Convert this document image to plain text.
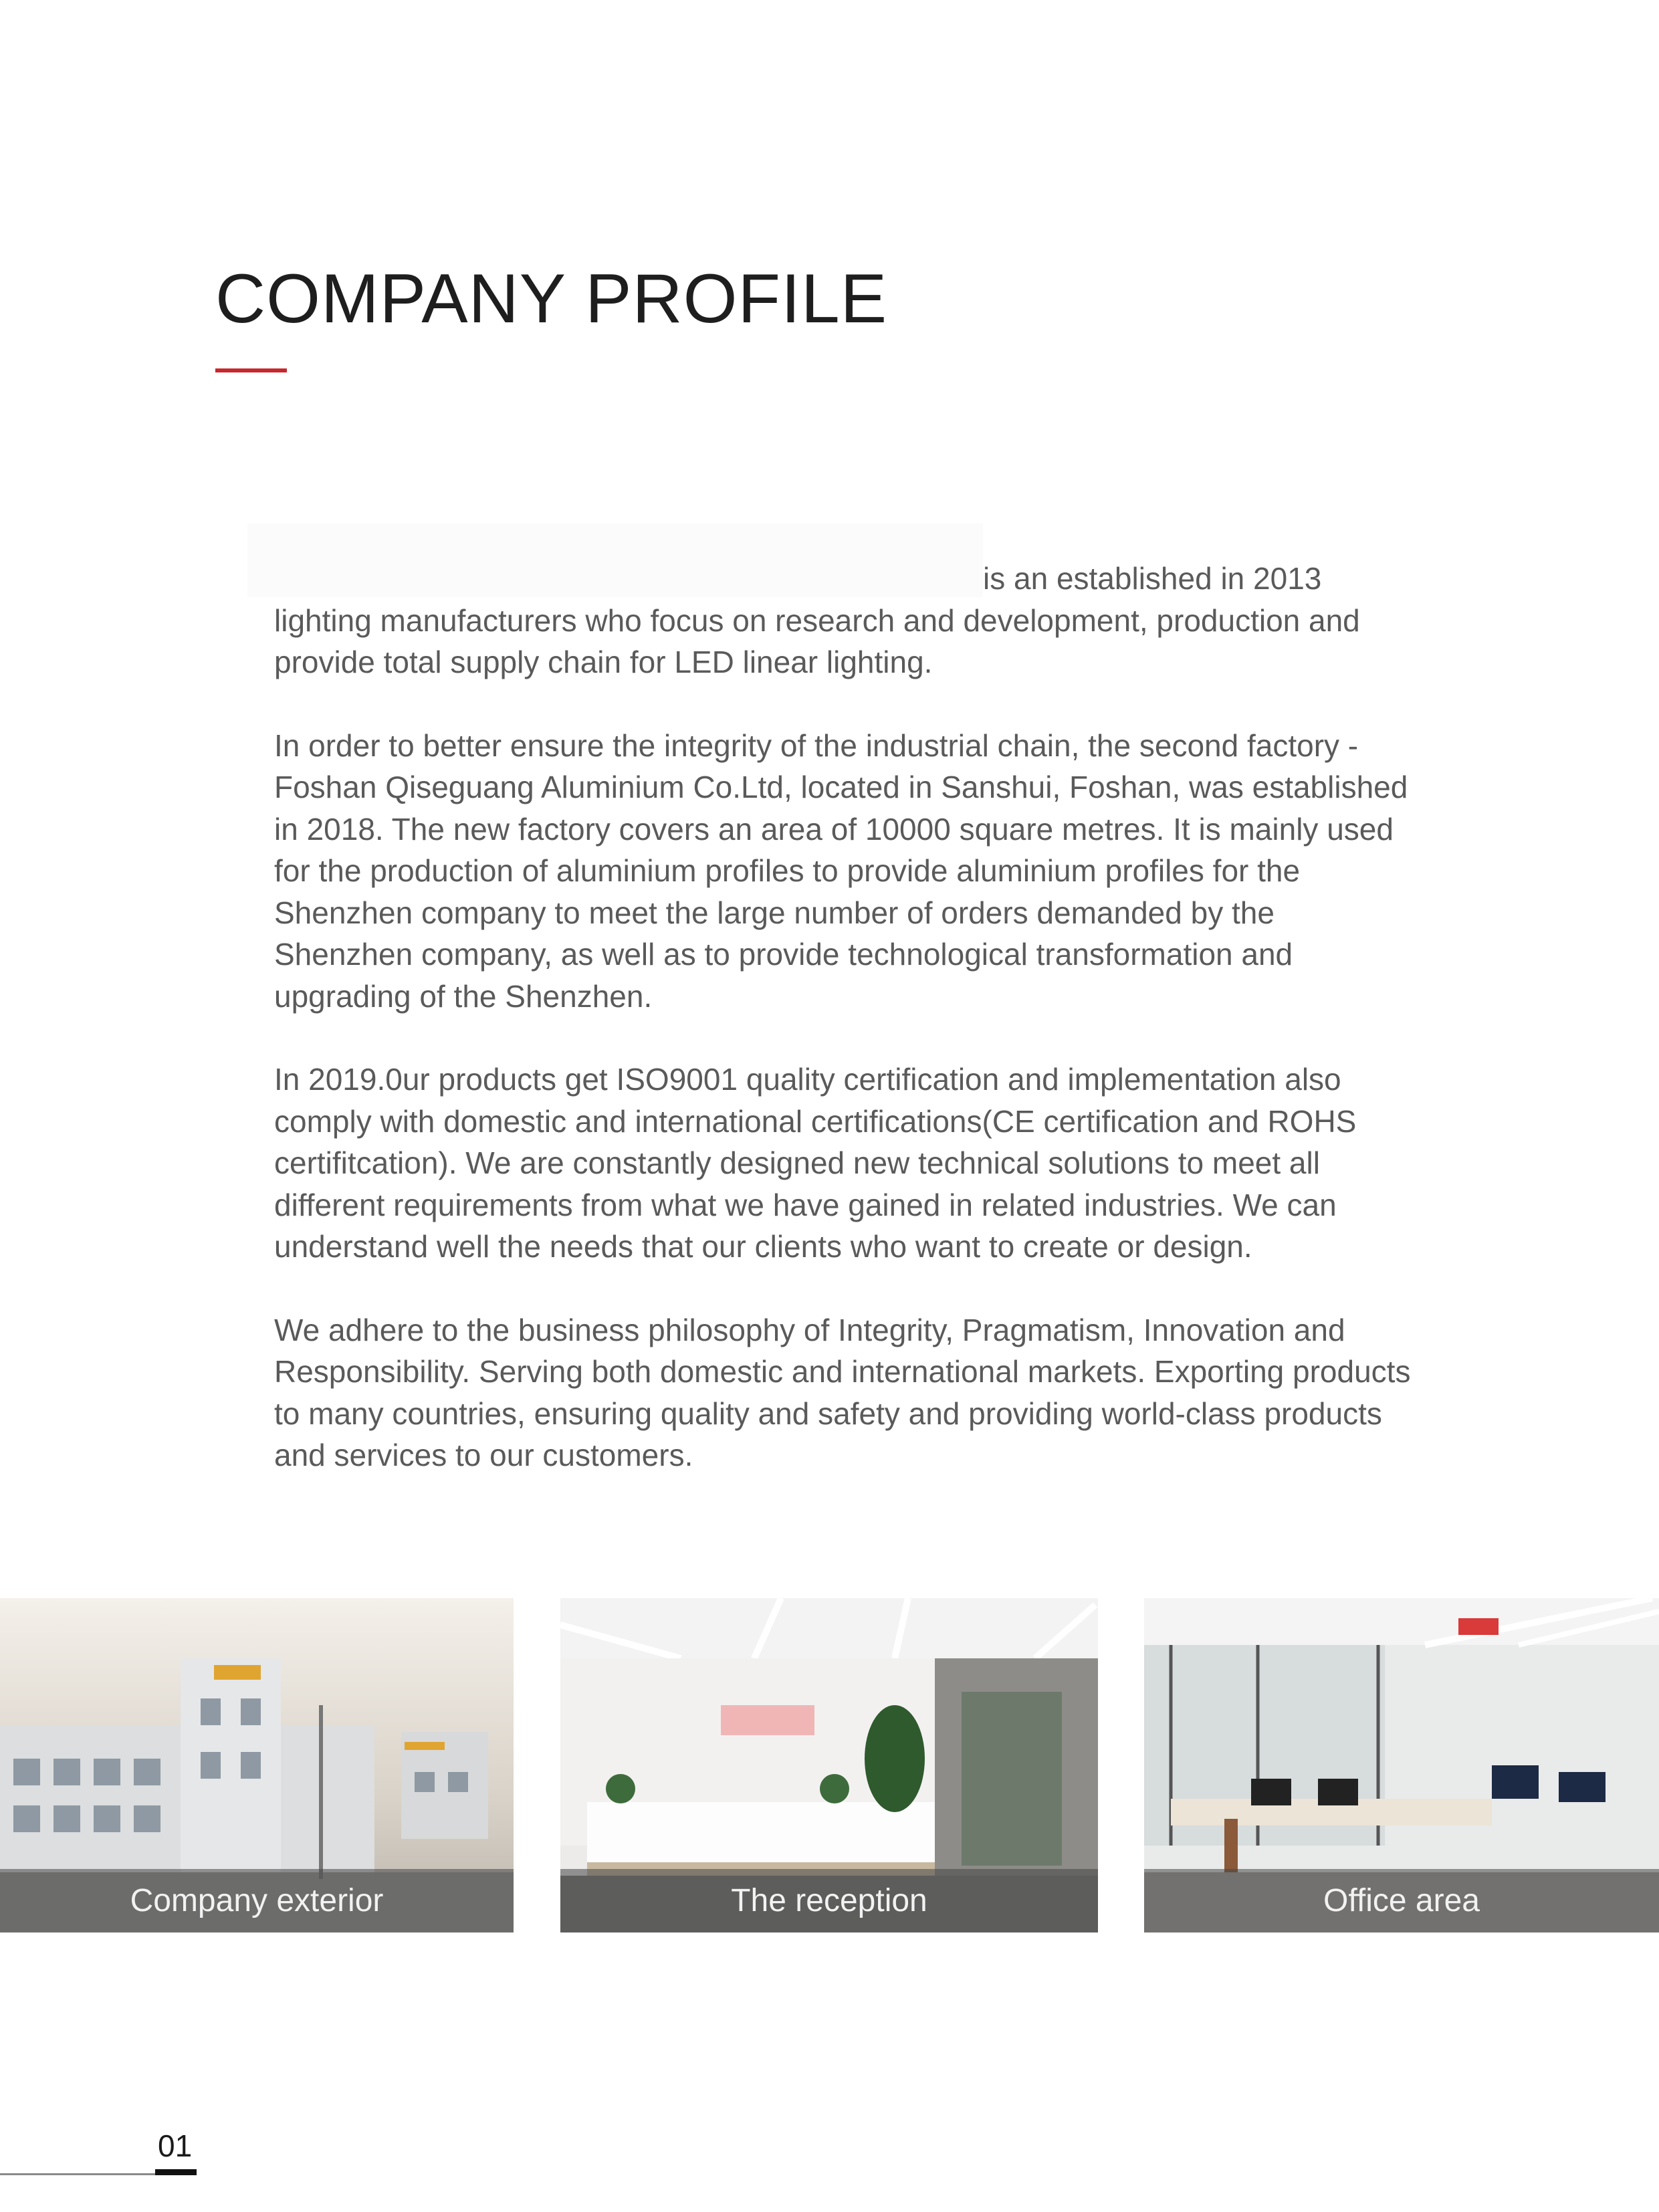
COMPANY PROFILE

is an established in 2013 lighting manufacturers who focus on research and development, production and provide total supply chain for LED linear lighting.

In order to better ensure the integrity of the industrial chain, the second factory - Foshan Qiseguang Aluminium Co.Ltd, located in Sanshui, Foshan, was established in 2018. The new factory covers an area of 10000 square metres. It is mainly used for the production of aluminium profiles to provide aluminium profiles for the Shenzhen company to meet the large number of orders demanded by the Shenzhen company, as well as to provide technological transformation and upgrading of the Shenzhen.

In 2019.0ur products get ISO9001 quality certification and implementation also comply with domestic and international certifications(CE certification and ROHS certifitcation). We are constantly designed new technical solutions to meet all different requirements from what we have gained in related industries. We can understand well the needs that our clients who want to create or design.

We adhere to the business philosophy of Integrity, Pragmatism, Innovation and Responsibility. Serving both domestic and international markets. Exporting products to many countries, ensuring quality and safety and providing world-class products and services to our customers.

Company exterior	The reception	Office area
01
